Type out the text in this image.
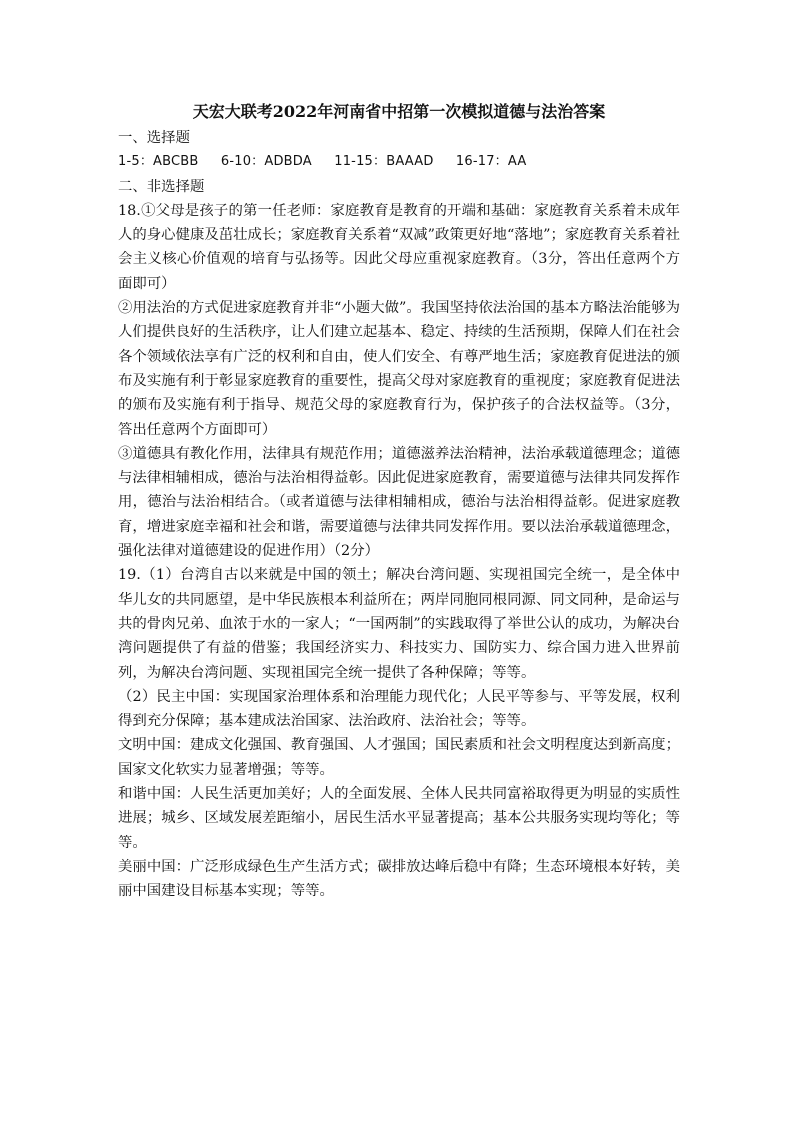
天宏大联考2022年河南省中招第一次模拟道德与法治答案
一、选择题
1-5：ABCBB 6-10：ADBDA 11-15：BAAAD 16-17：AA
二、非选择题

18.①父母是孩子的第一任老师：家庭教育是教育的开端和基础：家庭教育关系着未成年人的身心健康及茁壮成长；家庭教育关系着“双减”政策更好地“落地”；家庭教育关系着社会主义核心价值观的培育与弘扬等。因此父母应重视家庭教育。（3分，答出任意两个方面即可）

②用法治的方式促进家庭教育并非“小题大做”。我国坚持依法治国的基本方略法治能够为人们提供良好的生活秩序，让人们建立起基本、稳定、持续的生活预期，保障人们在社会各个领域依法享有广泛的权利和自由，使人们安全、有尊严地生活；家庭教育促进法的颁布及实施有利于彰显家庭教育的重要性，提高父母对家庭教育的重视度；家庭教育促进法的颁布及实施有利于指导、规范父母的家庭教育行为，保护孩子的合法权益等。（3分，答出任意两个方面即可）

③道德具有教化作用，法律具有规范作用；道德滋养法治精神，法治承载道德理念；道德与法律相辅相成，德治与法治相得益彰。因此促进家庭教育，需要道德与法律共同发挥作用，德治与法治相结合。（或者道德与法律相辅相成，德治与法治相得益彰。促进家庭教育，增进家庭幸福和社会和谐，需要道德与法律共同发挥作用。要以法治承载道德理念，强化法律对道德建设的促进作用）（2分）

19.（1）台湾自古以来就是中国的领土；解决台湾问题、实现祖国完全统一，是全体中华儿女的共同愿望，是中华民族根本利益所在；两岸同胞同根同源、同文同种，是命运与共的骨肉兄弟、血浓于水的一家人；“一国两制”的实践取得了举世公认的成功，为解决台湾问题提供了有益的借鉴；我国经济实力、科技实力、国防实力、综合国力进入世界前列，为解决台湾问题、实现祖国完全统一提供了各种保障；等等。

（2）民主中国：实现国家治理体系和治理能力现代化；人民平等参与、平等发展，权利得到充分保障；基本建成法治国家、法治政府、法治社会；等等。

文明中国：建成文化强国、教育强国、人才强国；国民素质和社会文明程度达到新高度；国家文化软实力显著增强；等等。

和谐中国：人民生活更加美好；人的全面发展、全体人民共同富裕取得更为明显的实质性进展；城乡、区域发展差距缩小，居民生活水平显著提高；基本公共服务实现均等化；等等。

美丽中国：广泛形成绿色生产生活方式；碳排放达峰后稳中有降；生态环境根本好转，美丽中国建设目标基本实现；等等。
